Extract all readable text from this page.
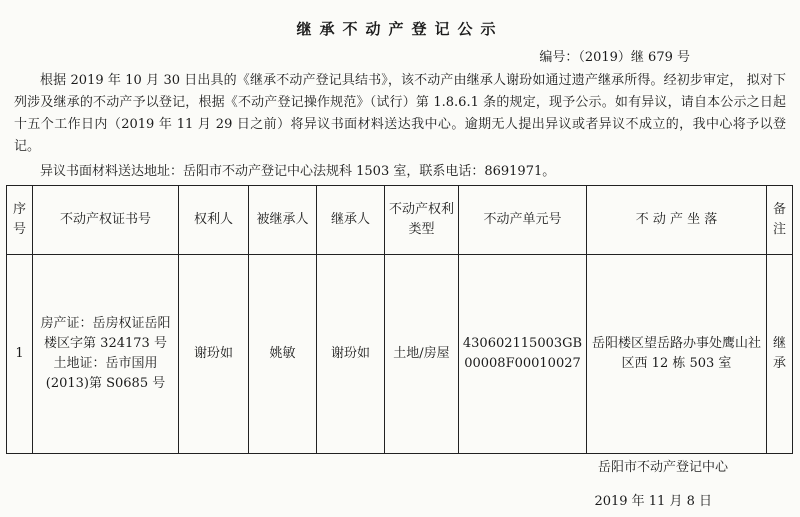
继承不动产登记公示
编号：（2019）继 679 号
根据 2019 年 10 月 30 日出具的《继承不动产登记具结书》，该不动产由继承人谢玢如通过遗产继承所得。经初步审定， 拟对下列涉及继承的不动产予以登记，根据《不动产登记操作规范》（试行）第 1.8.6.1 条的规定，现予公示。如有异议，请自本公示之日起十五个工作日内（2019 年 11 月 29 日之前）将异议书面材料送达我中心。逾期无人提出异议或者异议不成立的，我中心将予以登记。
异议书面材料送达地址：岳阳市不动产登记中心法规科 1503 室，联系电话：8691971。
序号	不动产权证书号	权利人	被继承人	继承人	不动产权利类型	不动产单元号	不 动 产 坐 落	备注
1	房产证：岳房权证岳阳楼区字第 324173 号
土地证：岳市国用(2013)第 S0685 号	谢玢如	姚敏	谢玢如	土地/房屋	430602115003GB00008F00010027	岳阳楼区望岳路办事处鹰山社区西 12 栋 503 室	继承
岳阳市不动产登记中心
2019 年 11 月 8 日
